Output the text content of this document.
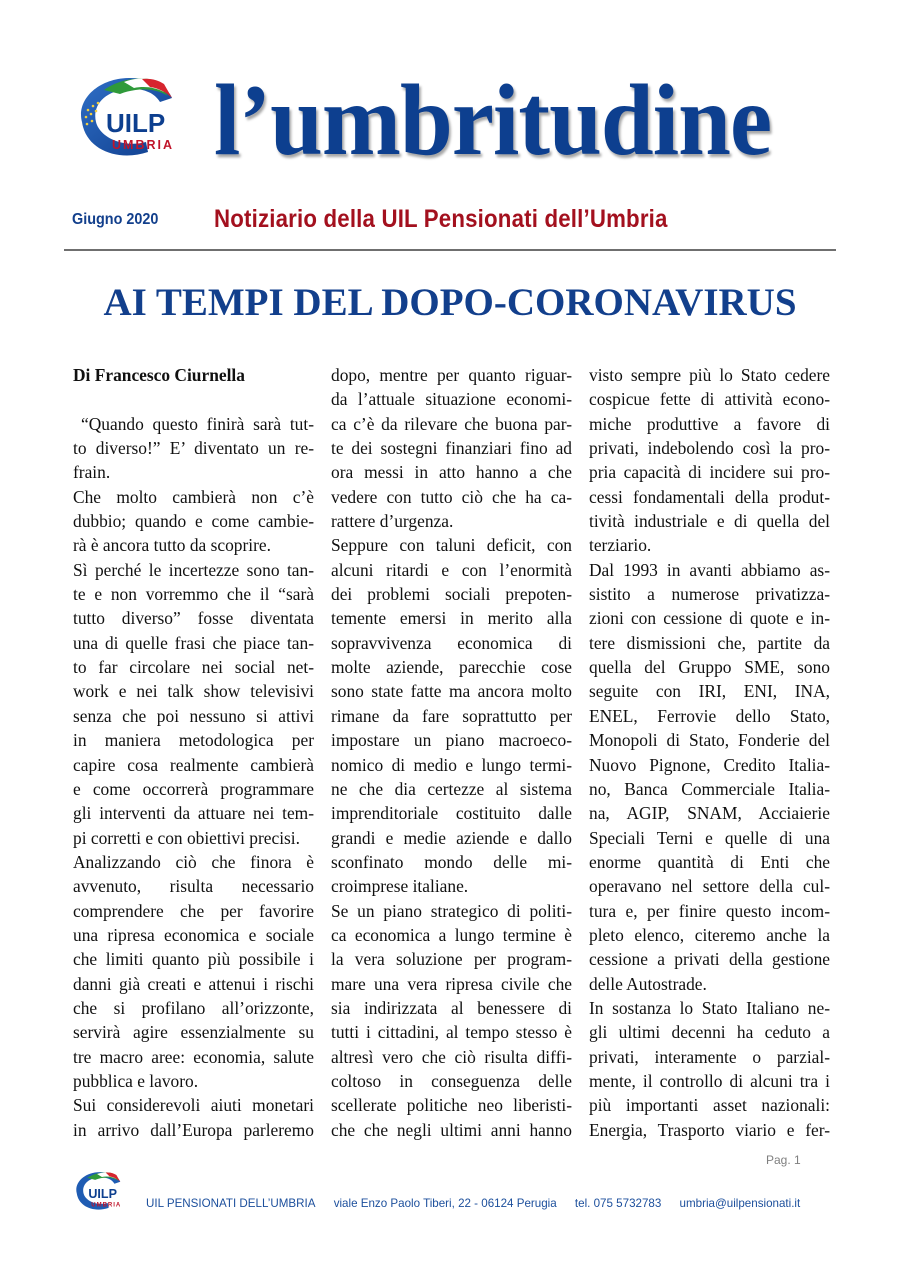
UILP
UMBRIA l’umbritudine
Giugno 2020 Notiziario della UIL Pensionati dell’Umbria
AI TEMPI DEL DOPO-CORONAVIRUS

Di Francesco Ciurnella

“Quando questo finirà sarà tut-
to diverso!” E’ diventato un re-
frain.
Che molto cambierà non c’è
dubbio; quando e come cambie-
rà è ancora tutto da scoprire.
Sì perché le incertezze sono tan-
te e non vorremmo che il “sarà
tutto diverso” fosse diventata
una di quelle frasi che piace tan-
to far circolare nei social net-
work e nei talk show televisivi
senza che poi nessuno si attivi
in maniera metodologica per
capire cosa realmente cambierà
e come occorrerà programmare
gli interventi da attuare nei tem-
pi corretti e con obiettivi precisi.
Analizzando ciò che finora è
avvenuto, risulta necessario
comprendere che per favorire
una ripresa economica e sociale
che limiti quanto più possibile i
danni già creati e attenui i rischi
che si profilano all’orizzonte,
servirà agire essenzialmente su
tre macro aree: economia, salute
pubblica e lavoro.
Sui considerevoli aiuti monetari
in arrivo dall’Europa parleremo
dopo, mentre per quanto riguar-
da l’attuale situazione economi-
ca c’è da rilevare che buona par-
te dei sostegni finanziari fino ad
ora messi in atto hanno a che
vedere con tutto ciò che ha ca-
rattere d’urgenza.
Seppure con taluni deficit, con
alcuni ritardi e con l’enormità
dei problemi sociali prepoten-
temente emersi in merito alla
sopravvivenza economica di
molte aziende, parecchie cose
sono state fatte ma ancora molto
rimane da fare soprattutto per
impostare un piano macroeco-
nomico di medio e lungo termi-
ne che dia certezze al sistema
imprenditoriale costituito dalle
grandi e medie aziende e dallo
sconfinato mondo delle mi-
croimprese italiane.
Se un piano strategico di politi-
ca economica a lungo termine è
la vera soluzione per program-
mare una vera ripresa civile che
sia indirizzata al benessere di
tutti i cittadini, al tempo stesso è
altresì vero che ciò risulta diffi-
coltoso in conseguenza delle
scellerate politiche neo liberisti-
che che negli ultimi anni hanno
visto sempre più lo Stato cedere
cospicue fette di attività econo-
miche produttive a favore di
privati, indebolendo così la pro-
pria capacità di incidere sui pro-
cessi fondamentali della produt-
tività industriale e di quella del
terziario.
Dal 1993 in avanti abbiamo as-
sistito a numerose privatizza-
zioni con cessione di quote e in-
tere dismissioni che, partite da
quella del Gruppo SME, sono
seguite con IRI, ENI, INA,
ENEL, Ferrovie dello Stato,
Monopoli di Stato, Fonderie del
Nuovo Pignone, Credito Italia-
no, Banca Commerciale Italia-
na, AGIP, SNAM, Acciaierie
Speciali Terni e quelle di una
enorme quantità di Enti che
operavano nel settore della cul-
tura e, per finire questo incom-
pleto elenco, citeremo anche la
cessione a privati della gestione
delle Autostrade.
In sostanza lo Stato Italiano ne-
gli ultimi decenni ha ceduto a
privati, interamente o parzial-
mente, il controllo di alcuni tra i
più importanti asset nazionali:
Energia, Trasporto viario e fer-
Pag. 1
UILP
UMBRIA UIL PENSIONATI DELL’UMBRIA viale Enzo Paolo Tiberi, 22 - 06124 Perugia tel. 075 5732783 umbria@uilpensionati.it
